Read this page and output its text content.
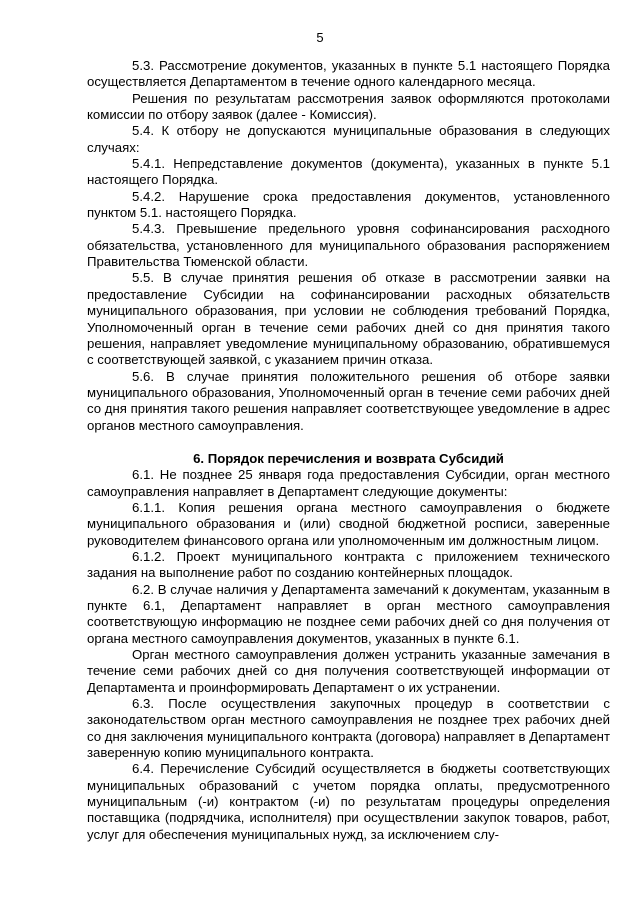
5

5.3. Рассмотрение документов, указанных в пункте 5.1 настоящего Порядка осуществляется Департаментом в течение одного календарного месяца.

Решения по результатам рассмотрения заявок оформляются протоколами комиссии по отбору заявок (далее - Комиссия).

5.4. К отбору не допускаются муниципальные образования в следующих случаях:

5.4.1. Непредставление документов (документа), указанных в пункте 5.1 настоящего Порядка.

5.4.2. Нарушение срока предоставления документов, установленного пунктом 5.1. настоящего Порядка.

5.4.3. Превышение предельного уровня софинансирования расходного обязательства, установленного для муниципального образования распоряжением Правительства Тюменской области.

5.5. В случае принятия решения об отказе в рассмотрении заявки на предоставление Субсидии на софинансировании расходных обязательств муниципального образования, при условии не соблюдения требований Порядка, Уполномоченный орган в течение семи рабочих дней со дня принятия такого решения, направляет уведомление муниципальному образованию, обратившемуся с соответствующей заявкой, с указанием причин отказа.

5.6. В случае принятия положительного решения об отборе заявки муниципального образования, Уполномоченный орган в течение семи рабочих дней со дня принятия такого решения направляет соответствующее уведомление в адрес органов местного самоуправления.

6. Порядок перечисления и возврата Субсидий

6.1. Не позднее 25 января года предоставления Субсидии, орган местного самоуправления направляет в Департамент следующие документы:

6.1.1. Копия решения органа местного самоуправления о бюджете муниципального образования и (или) сводной бюджетной росписи, заверенные руководителем финансового органа или уполномоченным им должностным лицом.

6.1.2. Проект муниципального контракта с приложением технического задания на выполнение работ по созданию контейнерных площадок.

6.2. В случае наличия у Департамента замечаний к документам, указанным в пункте 6.1, Департамент направляет в орган местного самоуправления соответствующую информацию не позднее семи рабочих дней со дня получения от органа местного самоуправления документов, указанных в пункте 6.1.

Орган местного самоуправления должен устранить указанные замечания в течение семи рабочих дней со дня получения соответствующей информации от Департамента и проинформировать Департамент о их устранении.

6.3. После осуществления закупочных процедур в соответствии с законодательством орган местного самоуправления не позднее трех рабочих дней со дня заключения муниципального контракта (договора) направляет в Департамент заверенную копию муниципального контракта.

6.4. Перечисление Субсидий осуществляется в бюджеты соответствующих муниципальных образований с учетом порядка оплаты, предусмотренного муниципальным (-и) контрактом (-и) по результатам процедуры определения поставщика (подрядчика, исполнителя) при осуществлении закупок товаров, работ, услуг для обеспечения муниципальных нужд, за исключением слу-
